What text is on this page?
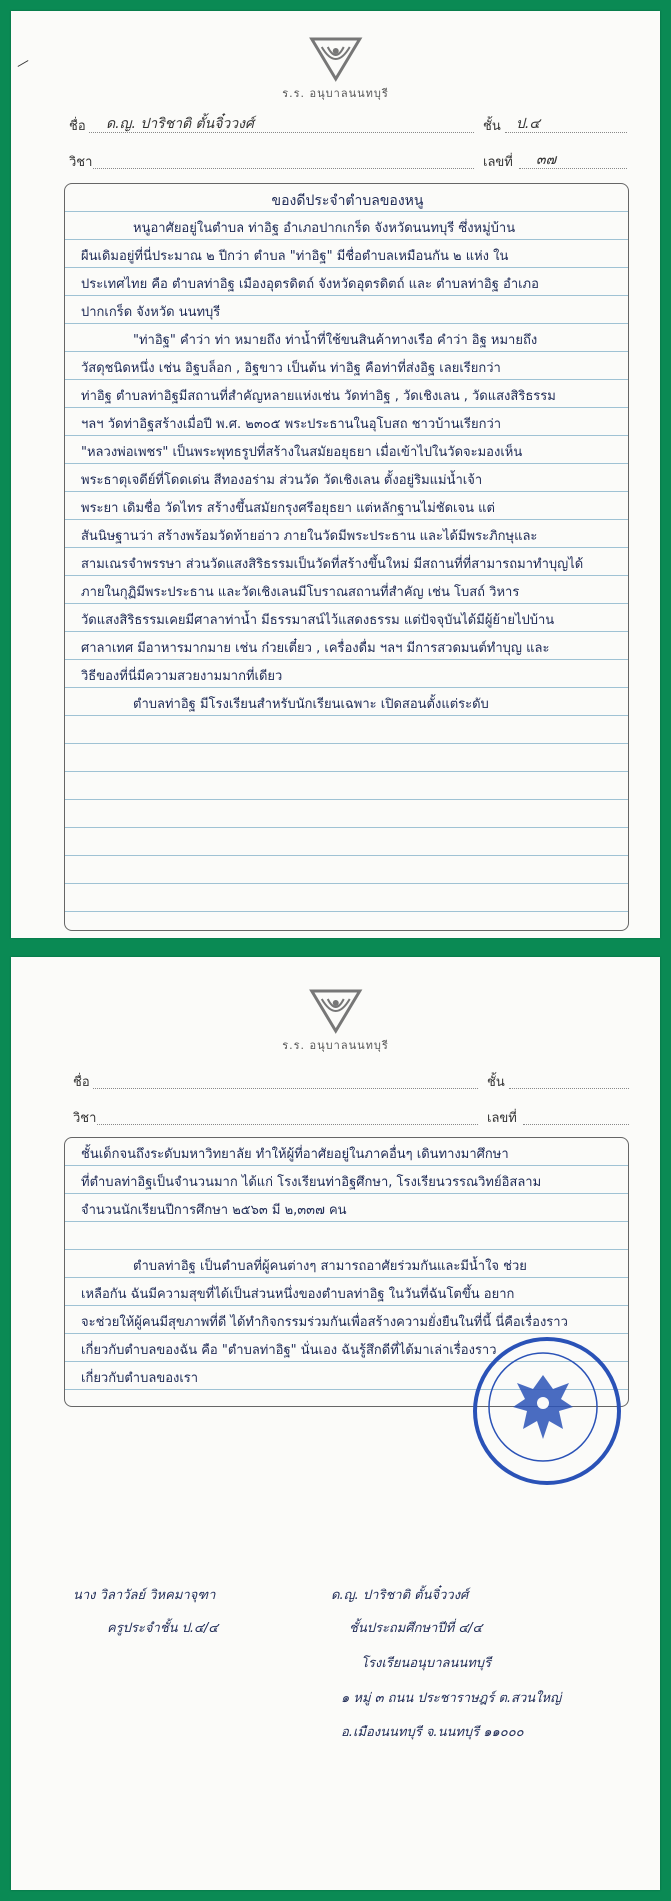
ร.ร. อนุบาลนนทบุรี
ชื่อ ด.ญ. ปาริชาติ ตั้นจิ๋ววงศ์	ชั้น ป.๔
วิชา	เลขที่ ๓๗
ของดีประจำตำบลของหนู
หนูอาศัยอยู่ในตำบล ท่าอิฐ อำเภอปากเกร็ด จังหวัดนนทบุรี ซึ่งหมู่บ้าน
ผืนเดิมอยู่ที่นี่ประมาณ ๒ ปีกว่า ตำบล "ท่าอิฐ" มีชื่อตำบลเหมือนกัน ๒ แห่ง ใน
ประเทศไทย คือ ตำบลท่าอิฐ เมืองอุตรดิตถ์ จังหวัดอุตรดิตถ์ และ ตำบลท่าอิฐ อำเภอ
ปากเกร็ด จังหวัด นนทบุรี
"ท่าอิฐ" คำว่า ท่า หมายถึง ท่าน้ำที่ใช้ขนสินค้าทางเรือ คำว่า อิฐ หมายถึง
วัสดุชนิดหนึ่ง เช่น อิฐบล็อก , อิฐขาว เป็นต้น ท่าอิฐ คือท่าที่ส่งอิฐ เลยเรียกว่า
ท่าอิฐ ตำบลท่าอิฐมีสถานที่สำคัญหลายแห่งเช่น วัดท่าอิฐ , วัดเชิงเลน , วัดแสงสิริธรรม
ฯลฯ วัดท่าอิฐสร้างเมื่อปี พ.ศ. ๒๓๐๕ พระประธานในอุโบสถ ชาวบ้านเรียกว่า
"หลวงพ่อเพชร" เป็นพระพุทธรูปที่สร้างในสมัยอยุธยา เมื่อเข้าไปในวัดจะมองเห็น
พระธาตุเจดีย์ที่โดดเด่น สีทองอร่าม ส่วนวัด วัดเชิงเลน ตั้งอยู่ริมแม่น้ำเจ้า
พระยา เดิมชื่อ วัดไทร สร้างขึ้นสมัยกรุงศรีอยุธยา แต่หลักฐานไม่ชัดเจน แต่
สันนิษฐานว่า สร้างพร้อมวัดท้ายอ่าว ภายในวัดมีพระประธาน และได้มีพระภิกษุและ
สามเณรจำพรรษา ส่วนวัดแสงสิริธรรมเป็นวัดที่สร้างขึ้นใหม่ มีสถานที่ที่สามารถมาทำบุญได้
ภายในกุฏิมีพระประธาน และวัดเชิงเลนมีโบราณสถานที่สำคัญ เช่น โบสถ์ วิหาร
วัดแสงสิริธรรมเคยมีศาลาท่าน้ำ มีธรรมาสน์ไว้แสดงธรรม แต่ปัจจุบันได้มีผู้ย้ายไปบ้าน
ศาลาเทศ มีอาหารมากมาย เช่น ก๋วยเตี๋ยว , เครื่องดื่ม ฯลฯ มีการสวดมนต์ทำบุญ และ
วิธีของที่นี่มีความสวยงามมากที่เดียว
ตำบลท่าอิฐ มีโรงเรียนสำหรับนักเรียนเฉพาะ เปิดสอนตั้งแต่ระดับ
ร.ร. อนุบาลนนทบุรี
ชื่อ	ชั้น
วิชา	เลขที่
ชั้นเด็กจนถึงระดับมหาวิทยาลัย ทำให้ผู้ที่อาศัยอยู่ในภาคอื่นๆ เดินทางมาศึกษา
ที่ตำบลท่าอิฐเป็นจำนวนมาก ได้แก่ โรงเรียนท่าอิฐศึกษา, โรงเรียนวรรณวิทย์อิสลาม
จำนวนนักเรียนปีการศึกษา ๒๕๖๓ มี ๒,๓๓๗ คน
ตำบลท่าอิฐ เป็นตำบลที่ผู้คนต่างๆ สามารถอาศัยร่วมกันและมีน้ำใจ ช่วย
เหลือกัน ฉันมีความสุขที่ได้เป็นส่วนหนึ่งของตำบลท่าอิฐ ในวันที่ฉันโตขึ้น อยาก
จะช่วยให้ผู้คนมีสุขภาพที่ดี ได้ทำกิจกรรมร่วมกันเพื่อสร้างความยั่งยืนในที่นี้ นี่คือเรื่องราว
เกี่ยวกับตำบลของฉัน คือ "ตำบลท่าอิฐ" นั่นเอง ฉันรู้สึกดีที่ได้มาเล่าเรื่องราว
เกี่ยวกับตำบลของเรา
นาง วิลาวัลย์ วิหคมาจุฑา
ครูประจำชั้น ป.๔/๔
ด.ญ. ปาริชาติ ตั้นจิ๋ววงศ์
ชั้นประถมศึกษาปีที่ ๔/๔
โรงเรียนอนุบาลนนทบุรี
๑ หมู่ ๓ ถนน ประชาราษฎร์ ต.สวนใหญ่
อ.เมืองนนทบุรี จ.นนทบุรี ๑๑๐๐๐
